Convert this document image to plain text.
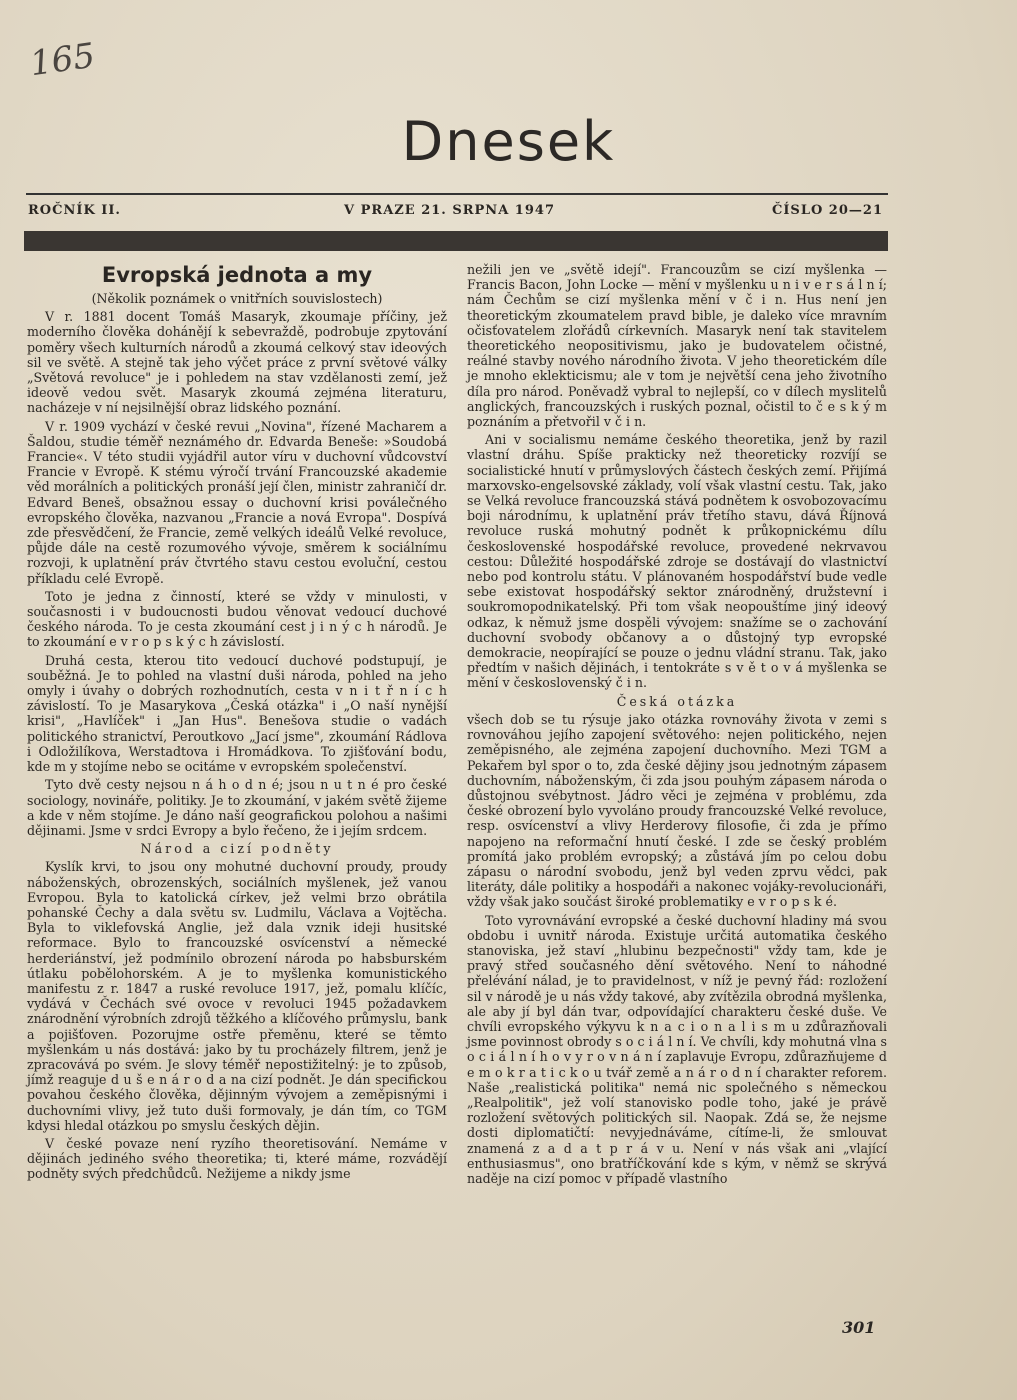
165
Dnesek
ROČNÍK II.	V PRAZE 21. SRPNA 1947	ČÍSLO 20—21

Evropská jednota a my

(Několik poznámek o vnitřních souvislostech)

V r. 1881 docent Tomáš Masaryk, zkoumaje příčiny, jež moderního člověka dohánějí k sebevraždě, podrobuje zpytování poměry všech kulturních národů a zkoumá celkový stav ideových sil ve světě. A stejně tak jeho výčet práce z první světové války „Světová revoluce" je i pohledem na stav vzdělanosti zemí, jež ideově vedou svět. Masaryk zkoumá zejména literaturu, nacházeje v ní nejsilnější obraz lidského poznání.

V r. 1909 vychází v české revui „Novina", řízené Macharem a Šaldou, studie téměř neznámého dr. Edvarda Beneše: »Soudobá Francie«. V této studii vyjádřil autor víru v duchovní vůdcovství Francie v Evropě. K stému výročí trvání Francouzské akademie věd morálních a politických pronáší její člen, ministr zahraničí dr. Edvard Beneš, obsažnou essay o duchovní krisi poválečného evropského člověka, nazvanou „Francie a nová Evropa". Dospívá zde přesvědčení, že Francie, země velkých ideálů Velké revoluce, půjde dále na cestě rozumového vývoje, směrem k sociálnímu rozvoji, k uplatnění práv čtvrtého stavu cestou evoluční, cestou příkladu celé Evropě.

Toto je jedna z činností, které se vždy v minulosti, v současnosti i v budoucnosti budou věnovat vedoucí duchové českého národa. To je cesta zkoumání cest j i n ý c h národů. Je to zkoumání e v r o p s k ý c h závislostí.

Druhá cesta, kterou tito vedoucí duchové podstupují, je souběžná. Je to pohled na vlastní duši národa, pohled na jeho omyly i úvahy o dobrých rozhodnutích, cesta v n i t ř n í c h závislostí. To je Masarykova „Česká otázka" i „O naší nynější krisi", „Havlíček" i „Jan Hus". Benešova studie o vadách politického stranictví, Peroutkovo „Jací jsme", zkoumání Rádlova i Odložilíkova, Werstadtova i Hromádkova. To zjišťování bodu, kde m y stojíme nebo se ocitáme v evropském společenství.

Tyto dvě cesty nejsou n á h o d n é; jsou n u t n é pro české sociology, novináře, politiky. Je to zkoumání, v jakém světě žijeme a kde v něm stojíme. Je dáno naší geografickou polohou a našimi dějinami. Jsme v srdci Evropy a bylo řečeno, že i jejím srdcem.

Národ a cizí podněty

Kyslík krvi, to jsou ony mohutné duchovní proudy, proudy náboženských, obrozenských, sociálních myšlenek, jež vanou Evropou. Byla to katolická církev, jež velmi brzo obrátila pohanské Čechy a dala světu sv. Ludmilu, Václava a Vojtěcha. Byla to viklefovská Anglie, jež dala vznik ideji husitské reformace. Bylo to francouzské osvícenství a německé herderiánství, jež podmínilo obrození národa po habsburském útlaku pobělohorském. A je to myšlenka komunistického manifestu z r. 1847 a ruské revoluce 1917, jež, pomalu klíčíc, vydává v Čechách své ovoce v revoluci 1945 požadavkem znárodnění výrobních zdrojů těžkého a klíčového průmyslu, bank a pojišťoven. Pozorujme ostře přeměnu, které se těmto myšlenkám u nás dostává: jako by tu procházely filtrem, jenž je zpracovává po svém. Je slovy téměř nepostižitelný: je to způsob, jímž reaguje d u š e n á r o d a na cizí podnět. Je dán specifickou povahou českého člověka, dějinným vývojem a zeměpisnými i duchovními vlivy, jež tuto duši formovaly, je dán tím, co TGM kdysi hledal otázkou po smyslu českých dějin.

V české povaze není ryzího theoretisování. Nemáme v dějinách jediného svého theoretika; ti, které máme, rozvádějí podněty svých předchůdců. Nežijeme a nikdy jsme

nežili jen ve „světě idejí". Francouzům se cizí myšlenka — Francis Bacon, John Locke — mění v myšlenku u n i v e r s á l n í; nám Čechům se cizí myšlenka mění v č i n. Hus není jen theoretickým zkoumatelem pravd bible, je daleko více mravním očisťovatelem zlořádů církevních. Masaryk není tak stavitelem theoretického neopositivismu, jako je budovatelem očistné, reálné stavby nového národního života. V jeho theoretickém díle je mnoho eklekticismu; ale v tom je největší cena jeho životního díla pro národ. Poněvadž vybral to nejlepší, co v dílech myslitelů anglických, francouzských i ruských poznal, očistil to č e s k ý m poznáním a přetvořil v č i n.

Ani v socialismu nemáme českého theoretika, jenž by razil vlastní dráhu. Spíše prakticky než theoreticky rozvíjí se socialistické hnutí v průmyslových částech českých zemí. Přijímá marxovsko-engelsovské základy, volí však vlastní cestu. Tak, jako se Velká revoluce francouzská stává podnětem k osvobozovacímu boji národnímu, k uplatnění práv třetího stavu, dává Říjnová revoluce ruská mohutný podnět k průkopnickému dílu československé hospodářské revoluce, provedené nekrvavou cestou: Důležité hospodářské zdroje se dostávají do vlastnictví nebo pod kontrolu státu. V plánovaném hospodářství bude vedle sebe existovat hospodářský sektor znárodněný, družstevní i soukromopodnikatelský. Při tom však neopouštíme jiný ideový odkaz, k němuž jsme dospěli vývojem: snažíme se o zachování duchovní svobody občanovy a o důstojný typ evropské demokracie, neopírající se pouze o jednu vládní stranu. Tak, jako předtím v našich dějinách, i tentokráte s v ě t o v á myšlenka se mění v československý č i n.

Česká otázka

všech dob se tu rýsuje jako otázka rovnováhy života v zemi s rovnováhou jejího zapojení světového: nejen politického, nejen zeměpisného, ale zejména zapojení duchovního. Mezi TGM a Pekařem byl spor o to, zda české dějiny jsou jednotným zápasem duchovním, náboženským, či zda jsou pouhým zápasem národa o důstojnou svébytnost. Jádro věci je zejména v problému, zda české obrození bylo vyvoláno proudy francouzské Velké revoluce, resp. osvícenství a vlivy Herderovy filosofie, či zda je přímo napojeno na reformační hnutí české. I zde se český problém promítá jako problém evropský; a zůstává jím po celou dobu zápasu o národní svobodu, jenž byl veden zprvu vědci, pak literáty, dále politiky a hospodáři a nakonec vojáky-revolucionáři, vždy však jako součást široké problematiky e v r o p s k é.

Toto vyrovnávání evropské a české duchovní hladiny má svou obdobu i uvnitř národa. Existuje určitá automatika českého stanoviska, jež staví „hlubinu bezpečnosti" vždy tam, kde je pravý střed současného dění světového. Není to náhodné přelévání nálad, je to pravidelnost, v níž je pevný řád: rozložení sil v národě je u nás vždy takové, aby zvítězila obrodná myšlenka, ale aby jí byl dán tvar, odpovídající charakteru české duše. Ve chvíli evropského výkyvu k n a c i o n a l i s m u zdůrazňovali jsme povinnost obrody s o c i á l n í. Ve chvíli, kdy mohutná vlna s o c i á l n í h o v y r o v n á n í zaplavuje Evropu, zdůrazňujeme d e m o k r a t i c k o u tvář země a n á r o d n í charakter reforem. Naše „realistická politika" nemá nic společného s německou „Realpolitik", jež volí stanovisko podle toho, jaké je právě rozložení světových politických sil. Naopak. Zdá se, že nejsme dosti diplomatičtí: nevyjednáváme, cítíme-li, že smlouvat znamená z a d a t p r á v u. Není v nás však ani „vlající enthusiasmus", ono bratříčkování kde s kým, v němž se skrývá naděje na cizí pomoc v případě vlastního

301
